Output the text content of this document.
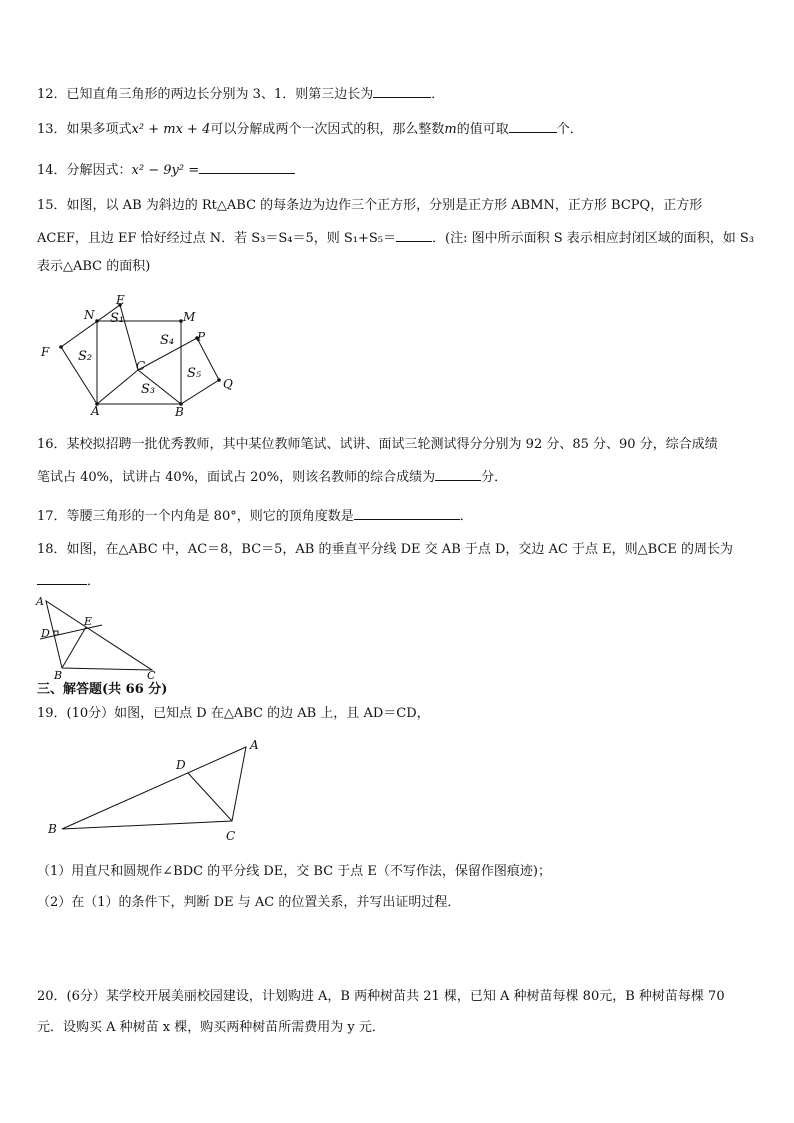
12．已知直角三角形的两边长分别为 3、1．则第三边长为	．
13．如果多项式x² + mx + 4可以分解成两个一次因式的积，那么整数m的值可取	个．
14．分解因式：x² − 9y² =
15．如图，以 AB 为斜边的 Rt△ABC 的每条边为边作三个正方形，分别是正方形 ABMN，正方形 BCPQ，正方形
ACEF，且边 EF 恰好经过点 N．若 S₃＝S₄＝5，则 S₁+S₅＝	．(注: 图中所示面积 S 表示相应封闭区域的面积，如 S₃
表示△ABC 的面积)
E
N	M
P
F
C
Q
A	B
S₁
S₂
S₃
S₄
S₅
16．某校拟招聘一批优秀教师，其中某位教师笔试、试讲、面试三轮测试得分分别为 92 分、85 分、90 分，综合成绩
笔试占 40%，试讲占 40%，面试占 20%，则该名教师的综合成绩为	分．
17．等腰三角形的一个内角是 80°，则它的顶角度数是	．
18．如图，在△ABC 中，AC＝8，BC＝5，AB 的垂直平分线 DE 交 AB 于点 D，交边 AC 于点 E，则△BCE 的周长为
．
A
D
E
B	C
三、解答题(共 66 分)
19．(10分）如图，已知点 D 在△ABC 的边 AB 上，且 AD＝CD，
A
D
B	C
（1）用直尺和圆规作∠BDC 的平分线 DE，交 BC 于点 E（不写作法，保留作图痕迹)；
（2）在（1）的条件下，判断 DE 与 AC 的位置关系，并写出证明过程．
20．(6分）某学校开展美丽校园建设，计划购进 A，B 两种树苗共 21 棵，已知 A 种树苗每棵 80元，B 种树苗每棵 70
元．设购买 A 种树苗 x 棵，购买两种树苗所需费用为 y 元．
